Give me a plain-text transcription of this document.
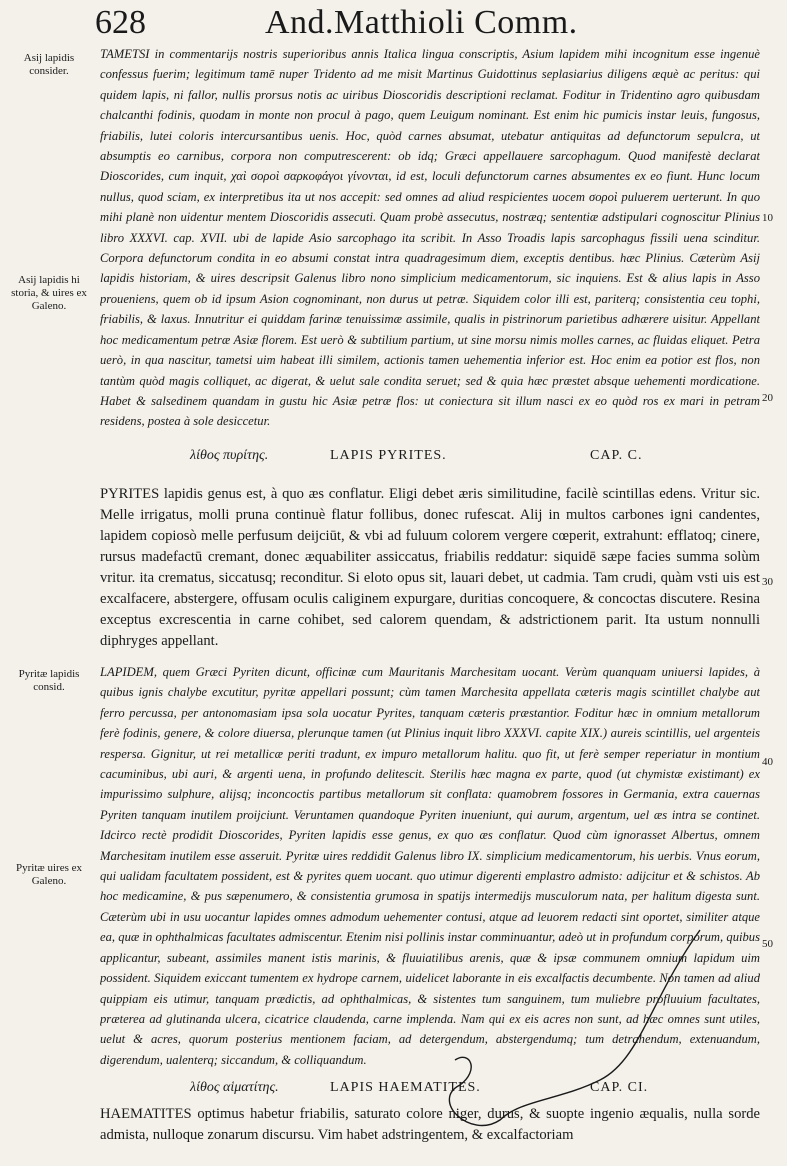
628	And.Matthioli Comm.
Asij lapidis consider.
Asij lapidis hi storia, & uires ex Galeno.
Pyritæ lapidis consid.
Pyritæ uires ex Galeno.
10
20
30
40
50

TAMETSI in commentarijs nostris superioribus annis Italica lingua conscriptis, Asium lapidem mihi incognitum esse ingenuè confessus fuerim; legitimum tamē nuper Tridento ad me misit Martinus Guidottinus seplasiarius diligens æquè ac peritus: qui quidem lapis, ni fallor, nullis prorsus notis ac uiribus Dioscoridis descriptioni reclamat. Foditur in Tridentino agro quibusdam chalcanthi fodinis, quodam in monte non procul à pago, quem Leuigum nominant. Est enim hic pumicis instar leuis, fungosus, friabilis, lutei coloris intercursantibus uenis. Hoc, quòd carnes absumat, utebatur antiquitas ad defunctorum sepulcra, ut absumptis eo carnibus, corpora non computrescerent: ob idq; Græci appellauere sarcophagum. Quod manifestè declarat Dioscorides, cum inquit, χαὶ σοροὶ σαρκοφάγοι γίνονται, id est, loculi defunctorum carnes absumentes ex eo fiunt. Hunc locum nullus, quod sciam, ex interpretibus ita ut nos accepit: sed omnes ad aliud respicientes uocem σοροὶ puluerem uerterunt. In quo mihi planè non uidentur mentem Dioscoridis assecuti. Quam probè assecutus, nostræq; sententiæ adstipulari cognoscitur Plinius libro XXXVI. cap. XVII. ubi de lapide Asio sarcophago ita scribit. In Asso Troadis lapis sarcophagus fissili uena scinditur. Corpora defunctorum condita in eo absumi constat intra quadragesimum diem, exceptis dentibus. hæc Plinius. Cæterùm Asij lapidis historiam, & uires descripsit Galenus libro nono simplicium medicamentorum, sic inquiens. Est & alius lapis in Asso proueniens, quem ob id ipsum Asion cognominant, non durus ut petræ. Siquidem color illi est, pariterq; consistentia ceu tophi, friabilis, & laxus. Innutritur ei quiddam farinæ tenuissimæ assimile, qualis in pistrinorum parietibus adhærere uisitur. Appellant hoc medicamentum petræ Asiæ florem. Est uerò & subtilium partium, ut sine morsu nimis molles carnes, ac fluidas eliquet. Petra uerò, in qua nascitur, tametsi uim habeat illi similem, actionis tamen uehementia inferior est. Hoc enim ea potior est flos, non tantùm quòd magis colliquet, ac digerat, & uelut sale condita seruet; sed & quia hæc præstet absque uehementi mordicatione. Habet & salsedinem quandam in gustu hic Asiæ petræ flos: ut coniectura sit illum nasci ex eo quòd ros ex mari in petram residens, postea à sole desiccetur.

λίθος πυρίτης.	LAPIS PYRITES.	CAP. C.

PYRITES lapidis genus est, à quo æs conflatur. Eligi debet æris similitudine, facilè scintillas edens. Vritur sic. Melle irrigatus, molli pruna continuè flatur follibus, donec rufescat. Alij in multos carbones igni candentes, lapidem copiosò melle perfusum deijciūt, & vbi ad fuluum colorem vergere cœperit, extrahunt: efflatoq; cinere, rursus madefactū cremant, donec æquabiliter assiccatus, friabilis reddatur: siquidē sæpe facies summa solùm vritur. ita crematus, siccatusq; reconditur. Si eloto opus sit, lauari debet, ut cadmia. Tam crudi, quàm vsti uis est excalfacere, abstergere, offusam oculis caliginem expurgare, duritias concoquere, & concoctas discutere. Resina exceptus excrescentia in carne cohibet, sed calorem quendam, & adstrictionem parit. Ita ustum nonnulli diphryges appellant.

LAPIDEM, quem Græci Pyriten dicunt, officinæ cum Mauritanis Marchesitam uocant. Verùm quanquam uniuersi lapides, à quibus ignis chalybe excutitur, pyritæ appellari possunt; cùm tamen Marchesita appellata cæteris magis scintillet chalybe aut ferro percussa, per antonomasiam ipsa sola uocatur Pyrites, tanquam cæteris præstantior. Foditur hæc in omnium metallorum ferè fodinis, genere, & colore diuersa, plerunque tamen (ut Plinius inquit libro XXXVI. capite XIX.) aureis scintillis, uel argenteis respersa. Gignitur, ut rei metallicæ periti tradunt, ex impuro metallorum halitu. quo fit, ut ferè semper reperiatur in montium cacuminibus, ubi auri, & argenti uena, in profundo delitescit. Sterilis hæc magna ex parte, quod (ut chymistæ existimant) ex impurissimo sulphure, alijsq; inconcoctis partibus metallorum sit conflata: quamobrem fossores in Germania, extra cauernas Pyriten tanquam inutilem proijciunt. Veruntamen quandoque Pyriten inueniunt, qui aurum, argentum, uel æs intra se continet. Idcirco rectè prodidit Dioscorides, Pyriten lapidis esse genus, ex quo æs conflatur. Quod cùm ignorasset Albertus, omnem Marchesitam inutilem esse asseruit. Pyritæ uires reddidit Galenus libro IX. simplicium medicamentorum, his uerbis. Vnus eorum, qui ualidam facultatem possident, est & pyrites quem uocant. quo utimur digerenti emplastro admisto: adijcitur et & schistos. Ab hoc medicamine, & pus sæpenumero, & consistentia grumosa in spatijs intermedijs musculorum nata, per halitum digesta sunt. Cæterùm ubi in usu uocantur lapides omnes admodum uehementer contusi, atque ad leuorem redacti sint oportet, similiter atque ea, quæ in ophthalmicas facultates admiscentur. Etenim nisi pollinis instar comminuantur, adeò ut in profundum corporum, quibus applicantur, subeant, assimiles manent istis marinis, & fluuiatilibus arenis, quæ & ipsæ communem omnium lapidum uim possident. Siquidem exiccant tumentem ex hydrope carnem, uidelicet laborante in eis excalfactis decumbente. Non tamen ad aliud quippiam eis utimur, tanquam prædictis, ad ophthalmicas, & sistentes tum sanguinem, tum muliebre profluuium facultates, præterea ad glutinanda ulcera, cicatrice claudenda, carne implenda. Nam qui ex eis acres non sunt, ad hæc omnes sunt utiles, uelut & acres, quorum posterius mentionem faciam, ad detergendum, abstergendumq; tum detrahendum, extenuandum, digerendum, ualenterq; siccandum, & colliquandum.

λίθος αἱματίτης.	LAPIS HAEMATITES.	CAP. CI.

HAEMATITES optimus habetur friabilis, saturato colore niger, durus, & suopte ingenio æqualis, nulla sorde admista, nulloque zonarum discursu. Vim habet adstringentem, & excalfactoriam
